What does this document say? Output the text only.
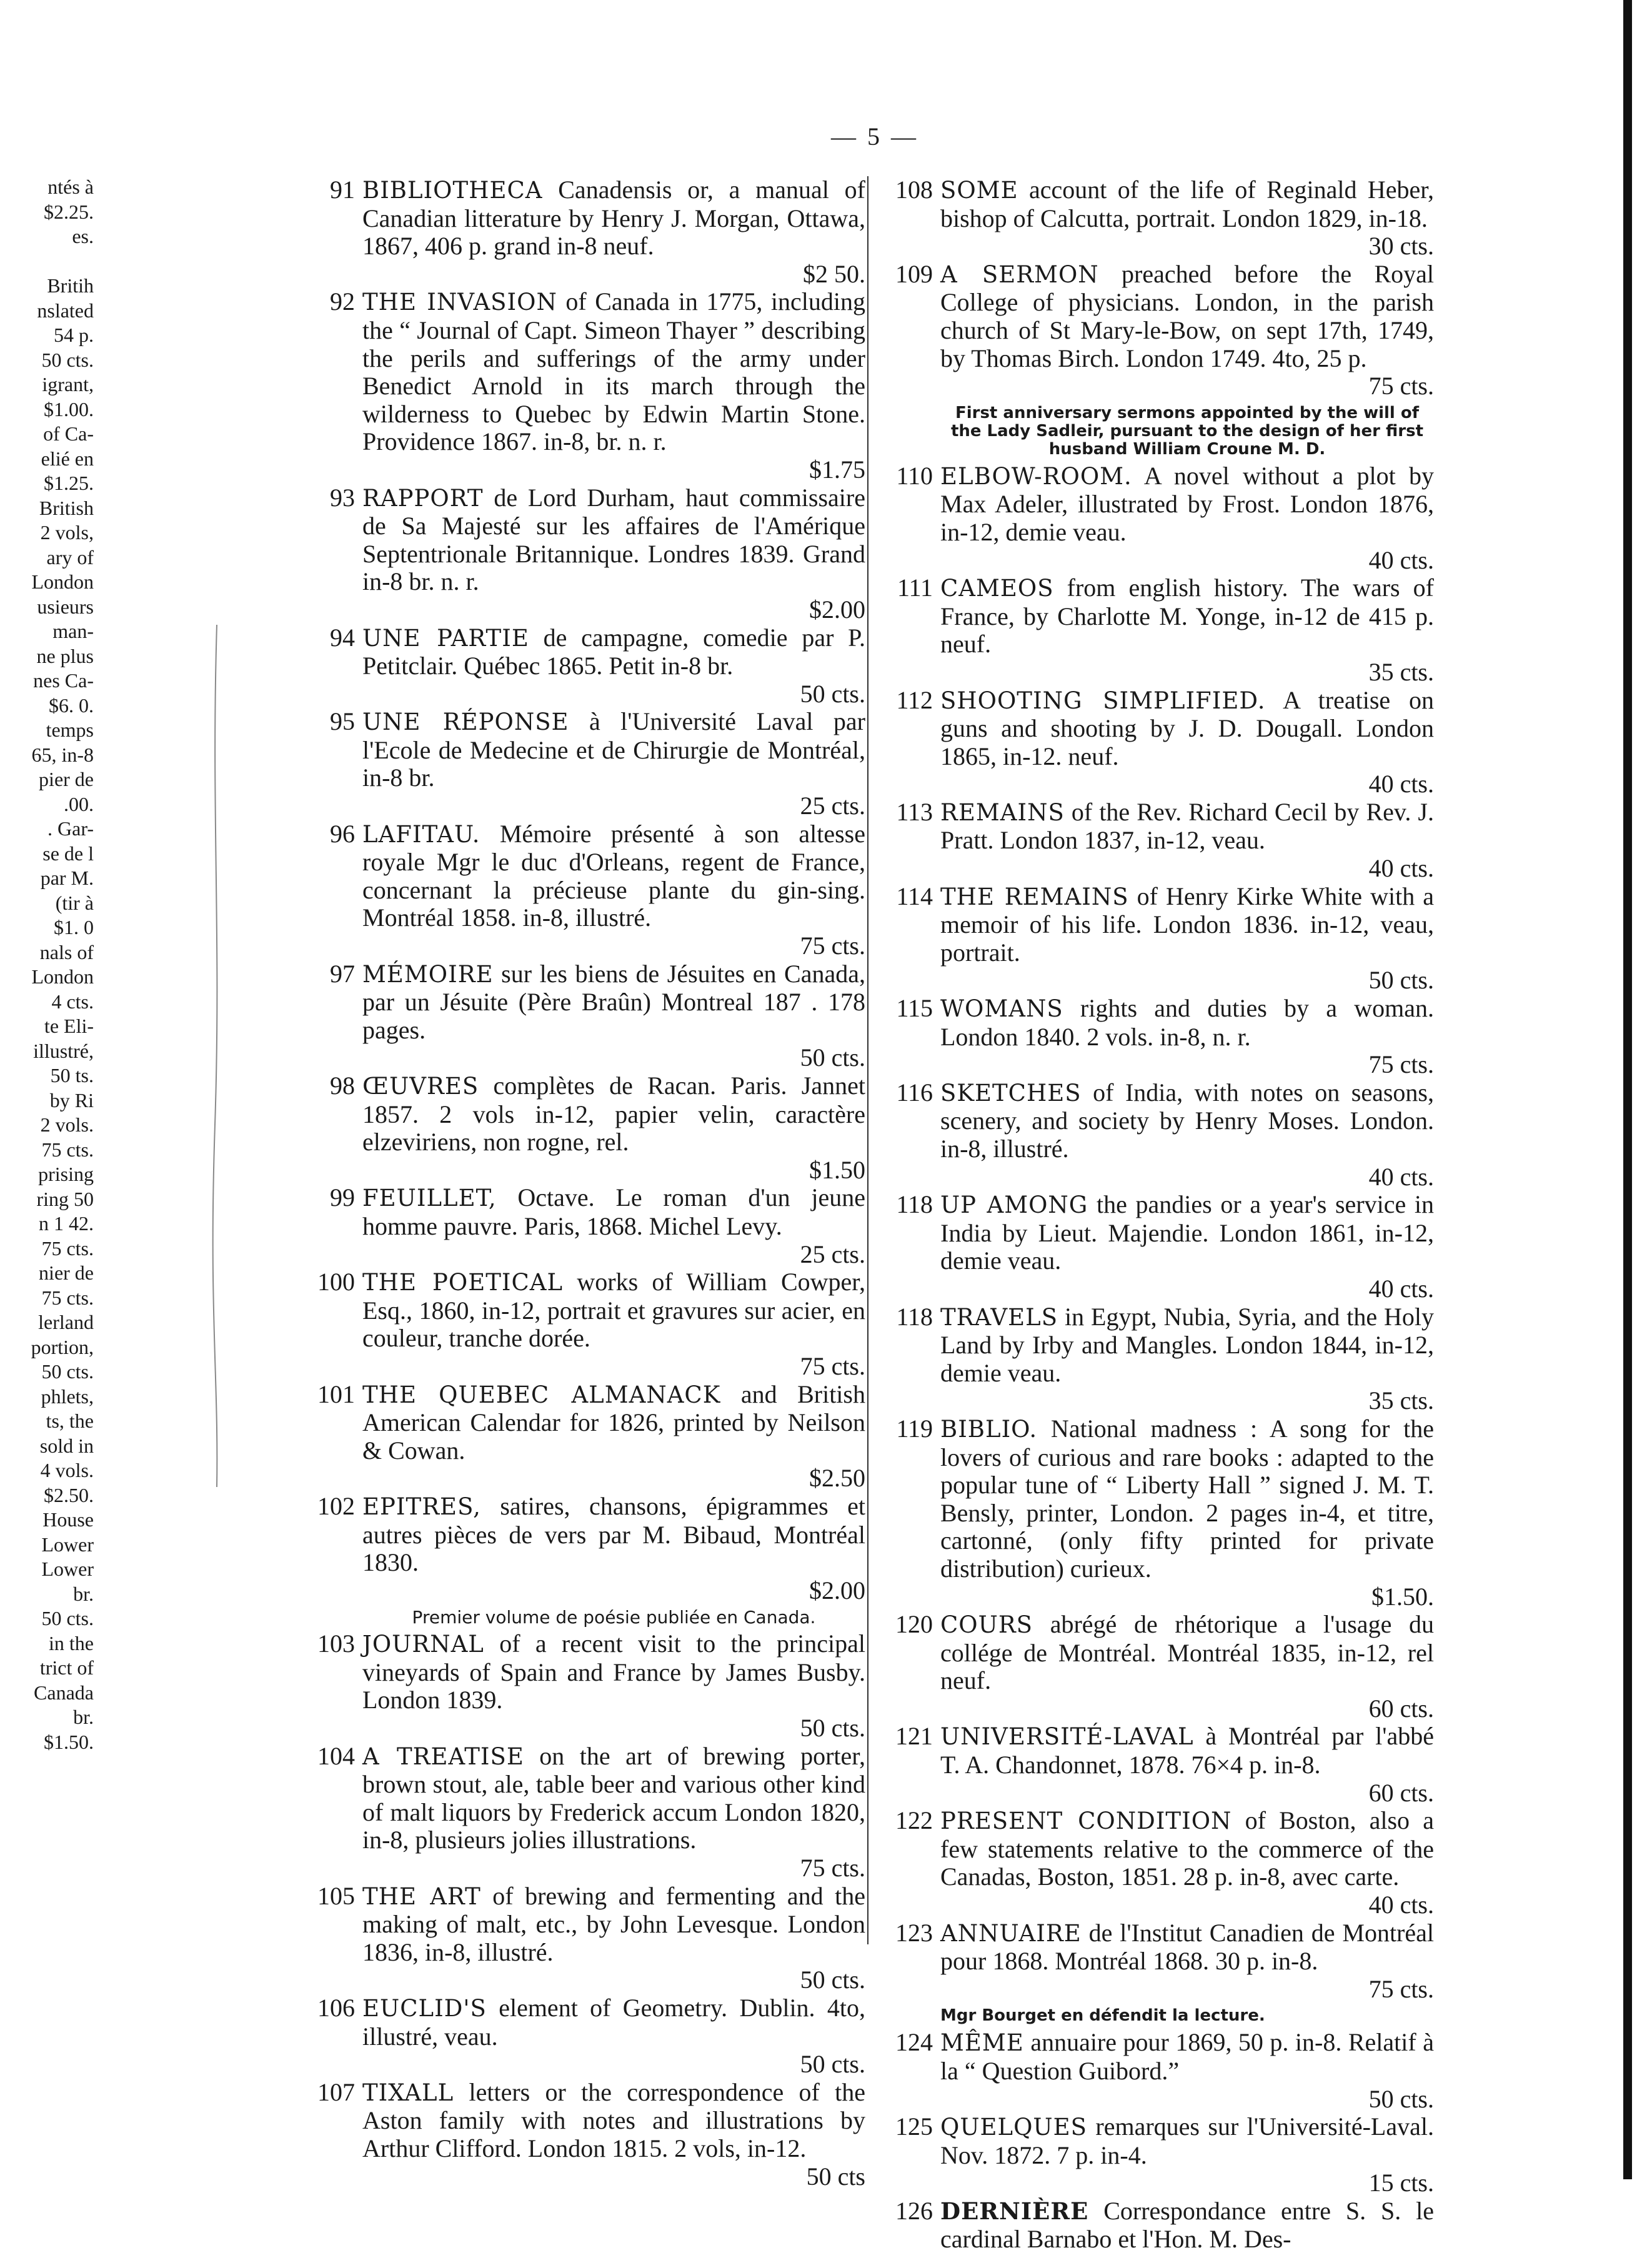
— 5 —
ntés à
$2.25.
es.
Britih
nslated
54 p.
50 cts.
igrant,
$1.00.
of Ca-
elié en
$1.25.
British
2 vols,
ary of
London
usieurs
man-
ne plus
nes Ca-
$6. 0.
temps
65, in-8
pier de
.00.
. Gar-
se de l
par M.
(tir à
$1. 0
nals of
London
4 cts.
te Eli-
illustré,
50 ts.
by Ri
2 vols.
75 cts.
prising
ring 50
n 1 42.
75 cts.
nier de
75 cts.
lerland
portion,
50 cts.
phlets,
ts, the
sold in
4 vols.
$2.50.
House
Lower
Lower
br.
50 cts.
in the
trict of
Canada
br.
$1.50.
91 BIBLIOTHECA Canadensis or, a manual of Canadian litterature by Henry J. Morgan, Ottawa, 1867, 406 p. grand in-8 neuf.
$2 50.
92 THE INVASION of Canada in 1775, including the “ Journal of Capt. Simeon Thayer ” describing the perils and sufferings of the army under Benedict Arnold in its march through the wilderness to Quebec by Edwin Martin Stone. Providence 1867. in-8, br. n. r.
$1.75
93 RAPPORT de Lord Durham, haut commissaire de Sa Majesté sur les affaires de l'Amérique Septentrionale Britannique. Londres 1839. Grand in-8 br. n. r.
$2.00
94 UNE PARTIE de campagne, comedie par P. Petitclair. Québec 1865. Petit in-8 br.
50 cts.
95 UNE RÉPONSE à l'Université Laval par l'Ecole de Medecine et de Chirurgie de Montréal, in-8 br.
25 cts.
96 LAFITAU. Mémoire présenté à son altesse royale Mgr le duc d'Orleans, regent de France, concernant la précieuse plante du gin-sing. Montréal 1858. in-8, illustré.
75 cts.
97 MÉMOIRE sur les biens de Jésuites en Canada, par un Jésuite (Père Braûn) Montreal 187 . 178 pages.
50 cts.
98 ŒUVRES complètes de Racan. Paris. Jannet 1857. 2 vols in-12, papier velin, caractère elzeviriens, non rogne, rel.
$1.50
99 FEUILLET, Octave. Le roman d'un jeune homme pauvre. Paris, 1868. Michel Levy.
25 cts.
100 THE POETICAL works of William Cowper, Esq., 1860, in-12, portrait et gravures sur acier, en couleur, tranche dorée.
75 cts.
101 THE QUEBEC ALMANACK and British American Calendar for 1826, printed by Neilson & Cowan.
$2.50
102 EPITRES, satires, chansons, épigrammes et autres pièces de vers par M. Bibaud, Montréal 1830.
$2.00
Premier volume de poésie publiée en Canada.
103 JOURNAL of a recent visit to the principal vineyards of Spain and France by James Busby. London 1839.
50 cts.
104 A TREATISE on the art of brewing porter, brown stout, ale, table beer and various other kind of malt liquors by Frederick accum London 1820, in-8, plusieurs jolies illustrations.
75 cts.
105 THE ART of brewing and fermenting and the making of malt, etc., by John Levesque. London 1836, in-8, illustré.
50 cts.
106 EUCLID'S element of Geometry. Dublin. 4to, illustré, veau.
50 cts.
107 TIXALL letters or the correspondence of the Aston family with notes and illustrations by Arthur Clifford. London 1815. 2 vols, in-12.
50 cts
108 SOME account of the life of Reginald Heber, bishop of Calcutta, portrait. London 1829, in-18.
30 cts.
109 A SERMON preached before the Royal College of physicians. London, in the parish church of St Mary-le-Bow, on sept 17th, 1749, by Thomas Birch. London 1749. 4to, 25 p.
75 cts.
First anniversary sermons appointed by the will of the Lady Sadleir, pursuant to the design of her first husband William Croune M. D.
110 ELBOW-ROOM. A novel without a plot by Max Adeler, illustrated by Frost. London 1876, in-12, demie veau.
40 cts.
111 CAMEOS from english history. The wars of France, by Charlotte M. Yonge, in-12 de 415 p. neuf.
35 cts.
112 SHOOTING SIMPLIFIED. A treatise on guns and shooting by J. D. Dougall. London 1865, in-12. neuf.
40 cts.
113 REMAINS of the Rev. Richard Cecil by Rev. J. Pratt. London 1837, in-12, veau.
40 cts.
114 THE REMAINS of Henry Kirke White with a memoir of his life. London 1836. in-12, veau, portrait.
50 cts.
115 WOMANS rights and duties by a woman. London 1840. 2 vols. in-8, n. r.
75 cts.
116 SKETCHES of India, with notes on seasons, scenery, and society by Henry Moses. London. in-8, illustré.
40 cts.
118 UP AMONG the pandies or a year's service in India by Lieut. Majendie. London 1861, in-12, demie veau.
40 cts.
118 TRAVELS in Egypt, Nubia, Syria, and the Holy Land by Irby and Mangles. London 1844, in-12, demie veau.
35 cts.
119 BIBLIO. National madness : A song for the lovers of curious and rare books : adapted to the popular tune of “ Liberty Hall ” signed J. M. T. Bensly, printer, London. 2 pages in-4, et titre, cartonné, (only fifty printed for private distribution) curieux.
$1.50.
120 COURS abrégé de rhétorique a l'usage du collége de Montréal. Montréal 1835, in-12, rel neuf.
60 cts.
121 UNIVERSITÉ-LAVAL à Montréal par l'abbé T. A. Chandonnet, 1878. 76×4 p. in-8.
60 cts.
122 PRESENT CONDITION of Boston, also a few statements relative to the commerce of the Canadas, Boston, 1851. 28 p. in-8, avec carte.
40 cts.
123 ANNUAIRE de l'Institut Canadien de Montréal pour 1868. Montréal 1868. 30 p. in-8.
75 cts.
Mgr Bourget en défendit la lecture.
124 MÊME annuaire pour 1869, 50 p. in-8. Relatif à la “ Question Guibord.”
50 cts.
125 QUELQUES remarques sur l'Université-Laval. Nov. 1872. 7 p. in-4.
15 cts.
126 DERNIÈRE Correspondance entre S. S. le cardinal Barnabo et l'Hon. M. Des-
